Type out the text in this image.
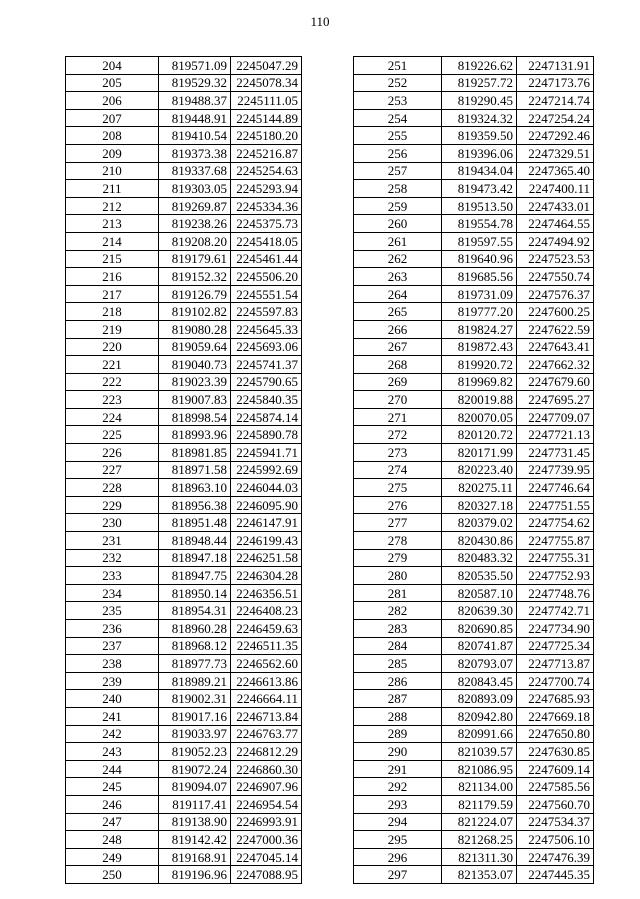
110
204	819571.09	2245047.29
205	819529.32	2245078.34
206	819488.37	2245111.05
207	819448.91	2245144.89
208	819410.54	2245180.20
209	819373.38	2245216.87
210	819337.68	2245254.63
211	819303.05	2245293.94
212	819269.87	2245334.36
213	819238.26	2245375.73
214	819208.20	2245418.05
215	819179.61	2245461.44
216	819152.32	2245506.20
217	819126.79	2245551.54
218	819102.82	2245597.83
219	819080.28	2245645.33
220	819059.64	2245693.06
221	819040.73	2245741.37
222	819023.39	2245790.65
223	819007.83	2245840.35
224	818998.54	2245874.14
225	818993.96	2245890.78
226	818981.85	2245941.71
227	818971.58	2245992.69
228	818963.10	2246044.03
229	818956.38	2246095.90
230	818951.48	2246147.91
231	818948.44	2246199.43
232	818947.18	2246251.58
233	818947.75	2246304.28
234	818950.14	2246356.51
235	818954.31	2246408.23
236	818960.28	2246459.63
237	818968.12	2246511.35
238	818977.73	2246562.60
239	818989.21	2246613.86
240	819002.31	2246664.11
241	819017.16	2246713.84
242	819033.97	2246763.77
243	819052.23	2246812.29
244	819072.24	2246860.30
245	819094.07	2246907.96
246	819117.41	2246954.54
247	819138.90	2246993.91
248	819142.42	2247000.36
249	819168.91	2247045.14
250	819196.96	2247088.95
251	819226.62	2247131.91
252	819257.72	2247173.76
253	819290.45	2247214.74
254	819324.32	2247254.24
255	819359.50	2247292.46
256	819396.06	2247329.51
257	819434.04	2247365.40
258	819473.42	2247400.11
259	819513.50	2247433.01
260	819554.78	2247464.55
261	819597.55	2247494.92
262	819640.96	2247523.53
263	819685.56	2247550.74
264	819731.09	2247576.37
265	819777.20	2247600.25
266	819824.27	2247622.59
267	819872.43	2247643.41
268	819920.72	2247662.32
269	819969.82	2247679.60
270	820019.88	2247695.27
271	820070.05	2247709.07
272	820120.72	2247721.13
273	820171.99	2247731.45
274	820223.40	2247739.95
275	820275.11	2247746.64
276	820327.18	2247751.55
277	820379.02	2247754.62
278	820430.86	2247755.87
279	820483.32	2247755.31
280	820535.50	2247752.93
281	820587.10	2247748.76
282	820639.30	2247742.71
283	820690.85	2247734.90
284	820741.87	2247725.34
285	820793.07	2247713.87
286	820843.45	2247700.74
287	820893.09	2247685.93
288	820942.80	2247669.18
289	820991.66	2247650.80
290	821039.57	2247630.85
291	821086.95	2247609.14
292	821134.00	2247585.56
293	821179.59	2247560.70
294	821224.07	2247534.37
295	821268.25	2247506.10
296	821311.30	2247476.39
297	821353.07	2247445.35
